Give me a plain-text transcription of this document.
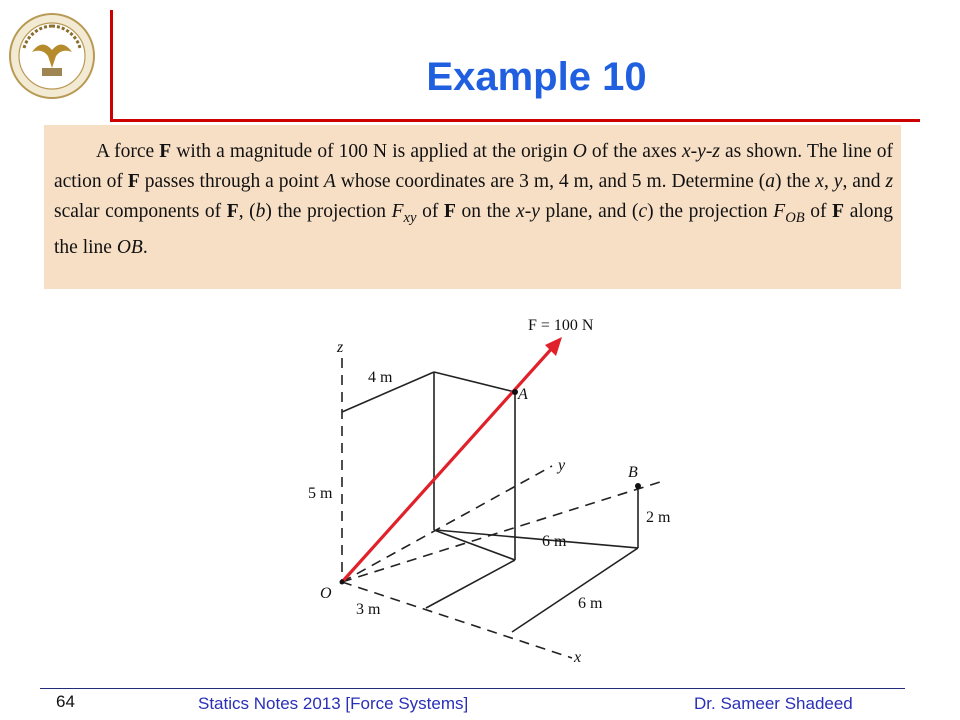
Example 10

A force F with a magnitude of 100 N is applied at the origin O of the axes x-y-z as shown. The line of action of F passes through a point A whose coordinates are 3 m, 4 m, and 5 m. Determine (a) the x, y, and z scalar components of F, (b) the projection $F_{xy}$ of F on the x-y plane, and (c) the projection $F_{OB}$ of F along the line OB.

F = 100 N
z
y
x
O
A
B
4 m
5 m
3 m
6 m
6 m
2 m
64	Statics Notes 2013 [Force Systems]	Dr. Sameer Shadeed
